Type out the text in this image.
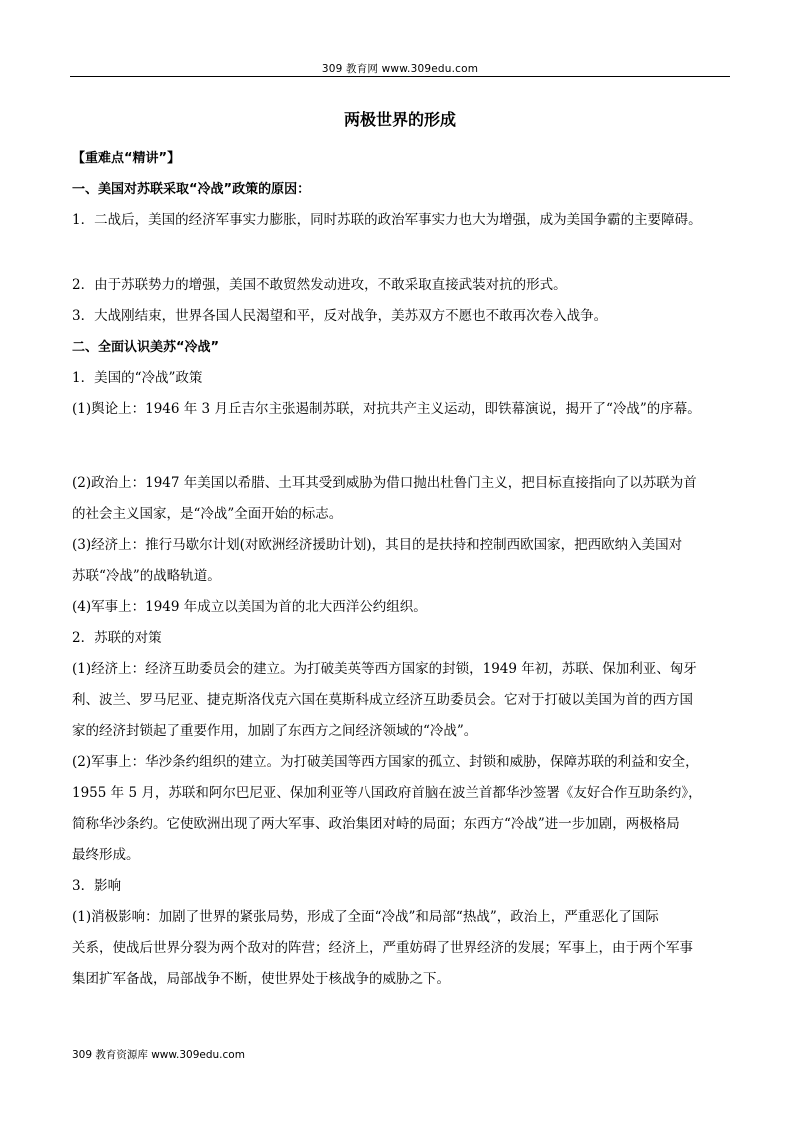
309 教育网 www.309edu.com
两极世界的形成
【重难点“精讲”】
一、美国对苏联采取“冷战”政策的原因：
1．二战后，美国的经济军事实力膨胀，同时苏联的政治军事实力也大为增强，成为美国争霸的主要障碍。
2．由于苏联势力的增强，美国不敢贸然发动进攻，不敢采取直接武装对抗的形式。
3．大战刚结束，世界各国人民渴望和平，反对战争，美苏双方不愿也不敢再次卷入战争。
二、全面认识美苏“冷战”
1．美国的“冷战”政策
(1)舆论上：1946 年 3 月丘吉尔主张遏制苏联，对抗共产主义运动，即铁幕演说，揭开了“冷战”的序幕。
(2)政治上：1947 年美国以希腊、土耳其受到威胁为借口抛出杜鲁门主义，把目标直接指向了以苏联为首
的社会主义国家，是“冷战”全面开始的标志。
(3)经济上：推行马歇尔计划(对欧洲经济援助计划)，其目的是扶持和控制西欧国家，把西欧纳入美国对
苏联“冷战”的战略轨道。
(4)军事上：1949 年成立以美国为首的北大西洋公约组织。
2．苏联的对策
(1)经济上：经济互助委员会的建立。为打破美英等西方国家的封锁，1949 年初，苏联、保加利亚、匈牙
利、波兰、罗马尼亚、捷克斯洛伐克六国在莫斯科成立经济互助委员会。它对于打破以美国为首的西方国
家的经济封锁起了重要作用，加剧了东西方之间经济领域的“冷战”。
(2)军事上：华沙条约组织的建立。为打破美国等西方国家的孤立、封锁和威胁，保障苏联的利益和安全，
1955 年 5 月，苏联和阿尔巴尼亚、保加利亚等八国政府首脑在波兰首都华沙签署《友好合作互助条约》，
简称华沙条约。它使欧洲出现了两大军事、政治集团对峙的局面；东西方“冷战”进一步加剧，两极格局
最终形成。
3．影响
(1)消极影响：加剧了世界的紧张局势，形成了全面“冷战”和局部“热战”，政治上，严重恶化了国际
关系，使战后世界分裂为两个敌对的阵营；经济上，严重妨碍了世界经济的发展；军事上，由于两个军事
集团扩军备战，局部战争不断，使世界处于核战争的威胁之下。
309 教育资源库 www.309edu.com
